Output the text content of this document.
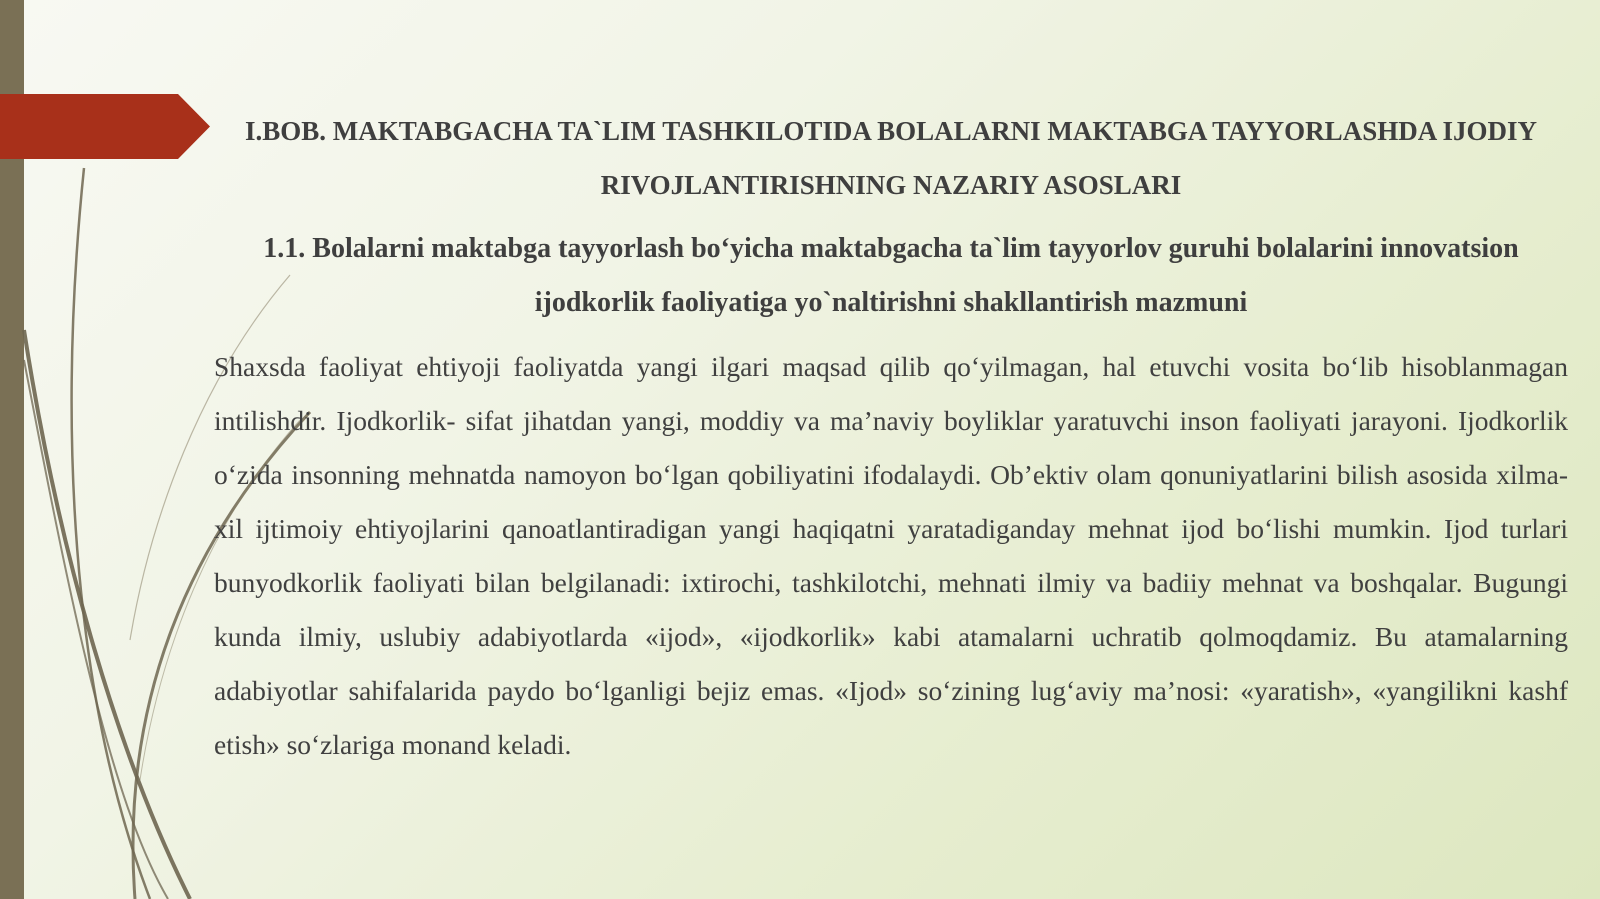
I.BOB. MAKTABGACHA TA`LIM TASHKILOTIDA BOLALARNI MAKTABGA TAYYORLASHDA IJODIY RIVOJLANTIRISHNING NAZARIY ASOSLARI
1.1. Bolalarni maktabga tayyorlash bo‘yicha maktabgacha ta`lim tayyorlov guruhi bolalarini innovatsion ijodkorlik faoliyatiga yo`naltirishni shakllantirish mazmuni

Shaxsda faoliyat ehtiyoji faoliyatda yangi ilgari maqsad qilib qo‘yilmagan, hal etuvchi vosita bo‘lib hisoblanmagan intilishdir. Ijodkorlik- sifat jihatdan yangi, moddiy va ma’naviy boyliklar yaratuvchi inson faoliyati jarayoni. Ijodkorlik o‘zida insonning mehnatda namoyon bo‘lgan qobiliyatini ifodalaydi. Ob’ektiv olam qonuniyatlarini bilish asosida xilma-xil ijtimoiy ehtiyojlarini qanoatlantiradigan yangi haqiqatni yaratadiganday mehnat ijod bo‘lishi mumkin. Ijod turlari bunyodkorlik faoliyati bilan belgilanadi: ixtirochi, tashkilotchi, mehnati ilmiy va badiiy mehnat va boshqalar. Bugungi kunda ilmiy, uslubiy adabiyotlarda «ijod», «ijodkorlik» kabi atamalarni uchratib qolmoqdamiz. Bu atamalarning adabiyotlar sahifalarida paydo bo‘lganligi bejiz emas. «Ijod» so‘zining lug‘aviy ma’nosi: «yaratish», «yangilikni kashf etish» so‘zlariga monand keladi.
